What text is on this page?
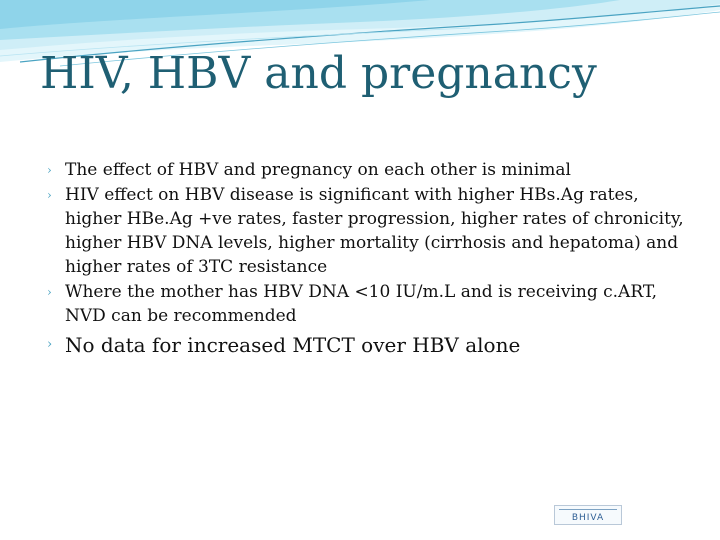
HIV, HBV and pregnancy
› The effect of HBV and pregnancy on each other is minimal
› HIV effect on HBV disease is significant with higher HBs.Ag rates, higher HBe.Ag +ve rates, faster progression, higher rates of chronicity, higher HBV DNA levels, higher mortality (cirrhosis and hepatoma) and higher rates of 3TC resistance
› Where the mother has HBV DNA <10 IU/m.L and is receiving c.ART, NVD can be recommended
› No data for increased MTCT over HBV alone
BHIVA
